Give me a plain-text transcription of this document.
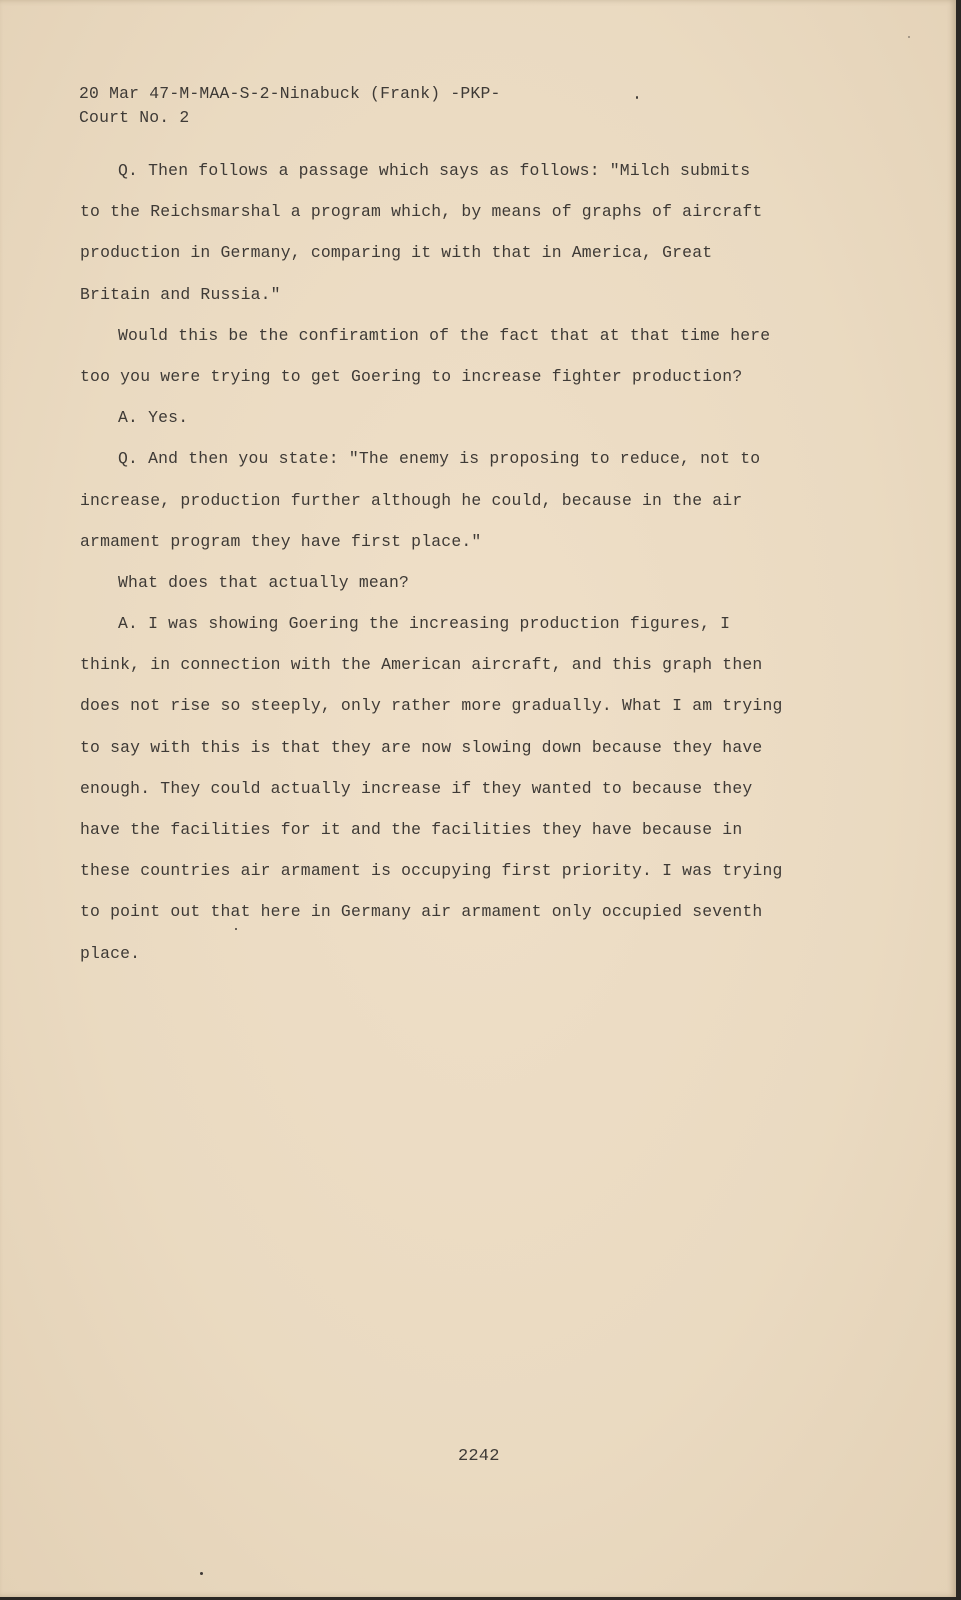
20 Mar 47-M-MAA-S-2-Ninabuck (Frank) -PKP-
Court No. 2
Q. Then follows a passage which says as follows: "Milch submits
to the Reichsmarshal a program which, by means of graphs of aircraft
production in Germany, comparing it with that in America, Great
Britain and Russia."
Would this be the confiramtion of the fact that at that time here
too you were trying to get Goering to increase fighter production?
A. Yes.
Q. And then you state: "The enemy is proposing to reduce, not to
increase, production further although he could, because in the air
armament program they have first place."
What does that actually mean?
A. I was showing Goering the increasing production figures, I
think, in connection with the American aircraft, and this graph then
does not rise so steeply, only rather more gradually. What I am trying
to say with this is that they are now slowing down because they have
enough. They could actually increase if they wanted to because they
have the facilities for it and the facilities they have because in
these countries air armament is occupying first priority. I was trying
to point out that here in Germany air armament only occupied seventh
place.
2242
